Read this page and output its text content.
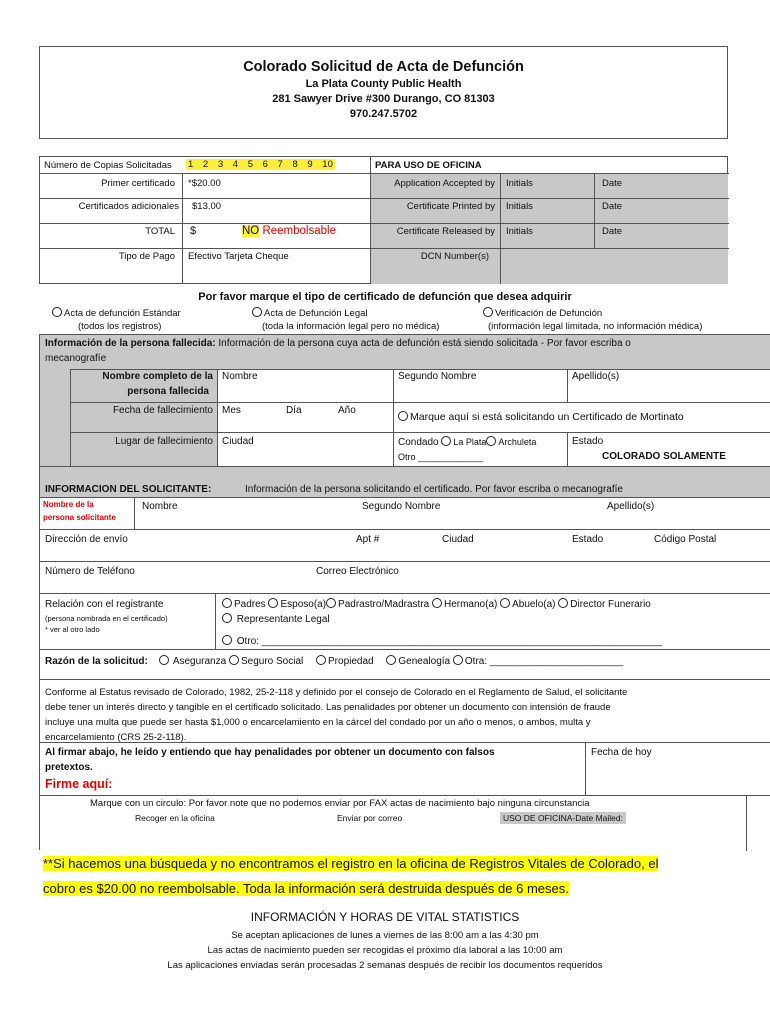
Colorado Solicitud de Acta de Defunción
La Plata County Public Health
281 Sawyer Drive #300 Durango, CO 81303
970.247.5702
Número de Copias Solicitadas 1 2 3 4 5 6 7 8 9 10	PARA USO DE OFICINA
Primer certificado *$20.00
Certificados adicionales $13.00
TOTAL $	NO Reembolsable
Tipo de Pago Efectivo Tarjeta Cheque
Application Accepted by Initials	Date
Certificate Printed by Initials	Date
Certificate Released by Initials	Date
DCN Number(s)
Por favor marque el tipo de certificado de defunción que desea adquirir
Acta de defunción Estándar
(todos los registros)
Acta de Defunción Legal
(toda la información legal pero no médica)
Verificación de Defunción
(información legal limitada, no información médica)
Información de la persona fallecida: Información de la persona cuya acta de defunción está siendo solicitada - Por favor escriba o
mecanografíe
Nombre completo de la
persona fallecida
Nombre	Segundo Nombre	Apellido(s)
Fecha de fallecimiento Mes	Día	Año
Marque aquí si está solicitando un Certificado de Mortinato
Lugar de fallecimiento Ciudad	Condado La Plata Archuleta
Otro _____________
Estado
COLORADO SOLAMENTE
INFORMACION DEL SOLICITANTE:	Información de la persona solicitando el certificado. Por favor escriba o mecanografíe
Nombre de la
persona solicitante
Nombre	Segundo Nombre	Apellido(s)
Dirección de envío	Apt #	Ciudad	Estado	Código Postal
Número de Teléfono	Correo Electrónico
Relación con el registrante
(persona nombrada en el certificado)
* ver al otro lado
Padres Esposo(a) Padrastro/Madrastra Hermano(a) Abuelo(a) Director Funerario
Representante Legal
Otro: ________________________________________________________________________
Razón de la solicitud:	Aseguranza Seguro Social Propiedad Genealogía Otra: ________________________
Conforme al Estatus revisado de Colorado, 1982, 25-2-118 y definido por el consejo de Colorado en el Reglamento de Salud, el solicitante
debe tener un interés directo y tangible en el certificado solicitado. Las penalidades por obtener un documento con intensión de fraude
incluye una multa que puede ser hasta $1,000 o encarcelamiento en la cárcel del condado por un año o menos, o ambos, multa y
encarcelamiento (CRS 25-2-118).
Al firmar abajo, he leído y entiendo que hay penalidades por obtener un documento con falsos
pretextos.
Firme aquí:
Fecha de hoy
Marque con un circulo: Por favor note que no podemos enviar por FAX actas de nacimiento bajo ninguna circunstancia
Recoger en la oficina	Enviar por correo	USO DE OFICINA-Date Mailed:
**Si hacemos una búsqueda y no encontramos el registro en la oficina de Registros Vitales de Colorado, el
cobro es $20.00 no reembolsable. Toda la información será destruida después de 6 meses.
INFORMACIÓN Y HORAS DE VITAL STATISTICS
Se aceptan aplicaciones de lunes a viernes de las 8:00 am a las 4:30 pm
Las actas de nacimiento pueden ser recogidas el próximo día laboral a las 10:00 am
Las aplicaciones enviadas serán procesadas 2 semanas después de recibir los documentos requeridos
